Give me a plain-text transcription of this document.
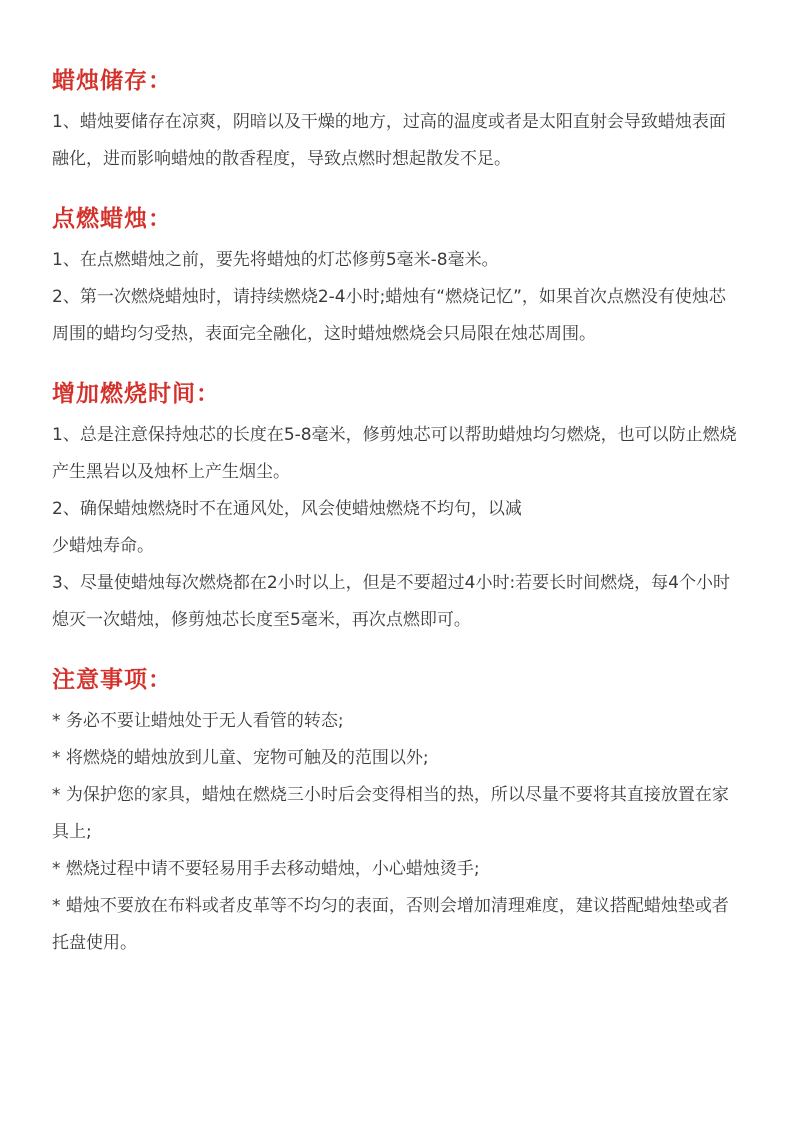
蜡烛储存：

1、蜡烛要储存在凉爽，阴暗以及干燥的地方，过高的温度或者是太阳直射会导致蜡烛表面融化，进而影响蜡烛的散香程度，导致点燃时想起散发不足。

点燃蜡烛：

1、在点燃蜡烛之前，要先将蜡烛的灯芯修剪5毫米-8毫米。

2、第一次燃烧蜡烛时，请持续燃烧2-4小时;蜡烛有“燃烧记忆”，如果首次点燃没有使烛芯周围的蜡均匀受热，表面完全融化，这时蜡烛燃烧会只局限在烛芯周围。

增加燃烧时间：

1、总是注意保持烛芯的长度在5-8毫米，修剪烛芯可以帮助蜡烛均匀燃烧，也可以防止燃烧产生黑岩以及烛杯上产生烟尘。

2、确保蜡烛燃烧时不在通风处，风会使蜡烛燃烧不均句，以减

少蜡烛寿命。

3、尽量使蜡烛每次燃烧都在2小时以上，但是不要超过4小时:若要长时间燃烧，每4个小时熄灭一次蜡烛，修剪烛芯长度至5毫米，再次点燃即可。

注意事项：

* 务必不要让蜡烛处于无人看管的转态;

* 将燃烧的蜡烛放到儿童、宠物可触及的范围以外;

* 为保护您的家具，蜡烛在燃烧三小时后会变得相当的热，所以尽量不要将其直接放置在家具上;

* 燃烧过程中请不要轻易用手去移动蜡烛，小心蜡烛烫手;

* 蜡烛不要放在布料或者皮革等不均匀的表面，否则会增加清理难度，建议搭配蜡烛垫或者托盘使用。
